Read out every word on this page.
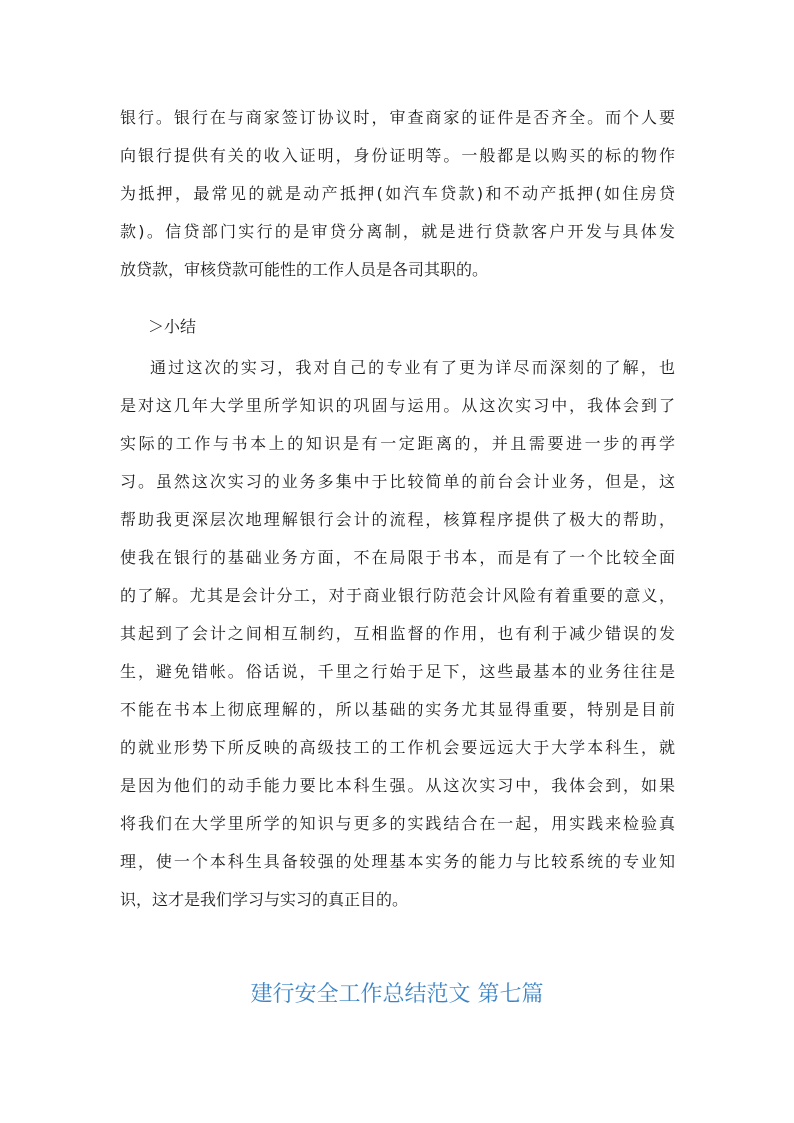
银行。银行在与商家签订协议时，审查商家的证件是否齐全。而个人要
向银行提供有关的收入证明，身份证明等。一般都是以购买的标的物作
为抵押，最常见的就是动产抵押(如汽车贷款)和不动产抵押(如住房贷
款)。信贷部门实行的是审贷分离制，就是进行贷款客户开发与具体发
放贷款，审核贷款可能性的工作人员是各司其职的。

＞小结

通过这次的实习，我对自己的专业有了更为详尽而深刻的了解，也
是对这几年大学里所学知识的巩固与运用。从这次实习中，我体会到了
实际的工作与书本上的知识是有一定距离的，并且需要进一步的再学
习。虽然这次实习的业务多集中于比较简单的前台会计业务，但是，这
帮助我更深层次地理解银行会计的流程，核算程序提供了极大的帮助，
使我在银行的基础业务方面，不在局限于书本，而是有了一个比较全面
的了解。尤其是会计分工，对于商业银行防范会计风险有着重要的意义，
其起到了会计之间相互制约，互相监督的作用，也有利于减少错误的发
生，避免错帐。俗话说，千里之行始于足下，这些最基本的业务往往是
不能在书本上彻底理解的，所以基础的实务尤其显得重要，特别是目前
的就业形势下所反映的高级技工的工作机会要远远大于大学本科生，就
是因为他们的动手能力要比本科生强。从这次实习中，我体会到，如果
将我们在大学里所学的知识与更多的实践结合在一起，用实践来检验真
理，使一个本科生具备较强的处理基本实务的能力与比较系统的专业知
识，这才是我们学习与实习的真正目的。
建行安全工作总结范文 第七篇
